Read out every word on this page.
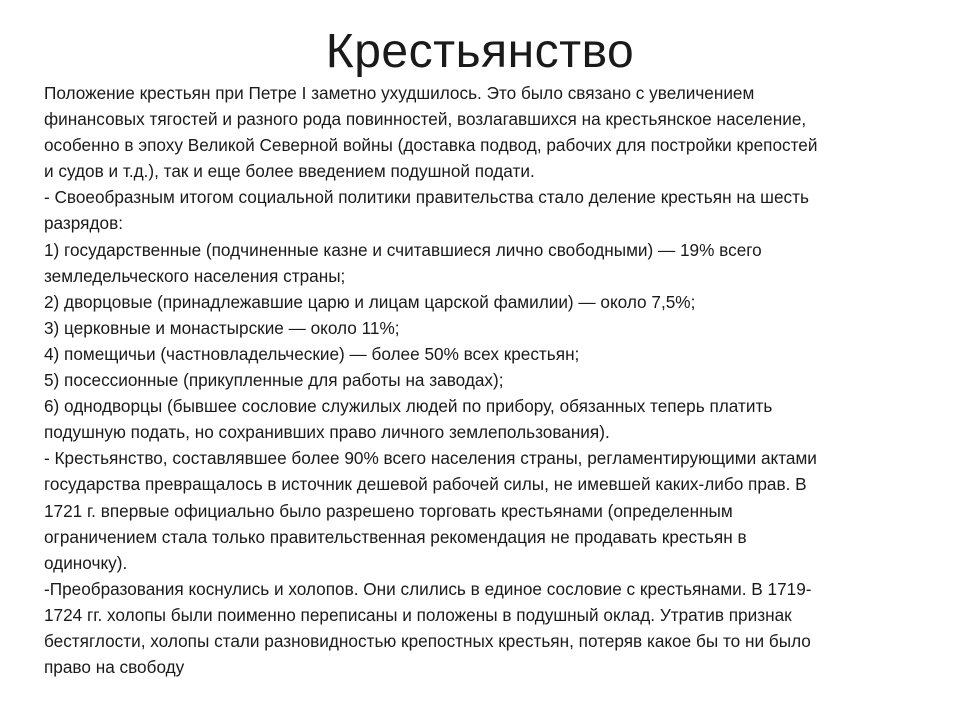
Крестьянство
Положение крестьян при Петре I заметно ухудшилось. Это было связано с увеличением
финансовых тягостей и разного рода повинностей, возлагавшихся на крестьянское население,
особенно в эпоху Великой Северной войны (доставка подвод, рабочих для постройки крепостей
и судов и т.д.), так и еще более введением подушной подати.
- Своеобразным итогом социальной политики правительства стало деление крестьян на шесть
разрядов:
1) государственные (подчиненные казне и считавшиеся лично свободными) — 19% всего
земледельческого населения страны;
2) дворцовые (принадлежавшие царю и лицам царской фамилии) — около 7,5%;
3) церковные и монастырские — около 11%;
4) помещичьи (частновладельческие) — более 50% всех крестьян;
5) посессионные (прикупленные для работы на заводах);
6) однодворцы (бывшее сословие служилых людей по прибору, обязанных теперь платить
подушную подать, но сохранивших право личного землепользования).
- Крестьянство, составлявшее более 90% всего населения страны, регламентирующими актами
государства превращалось в источник дешевой рабочей силы, не имевшей каких-либо прав. В
1721 г. впервые официально было разрешено торговать крестьянами (определенным
ограничением стала только правительственная рекомендация не продавать крестьян в
одиночку).
-Преобразования коснулись и холопов. Они слились в единое сословие с крестьянами. В 1719-
1724 гг. холопы были поименно переписаны и положены в подушный оклад. Утратив признак
бестяглости, холопы стали разновидностью крепостных крестьян, потеряв какое бы то ни было
право на свободу
